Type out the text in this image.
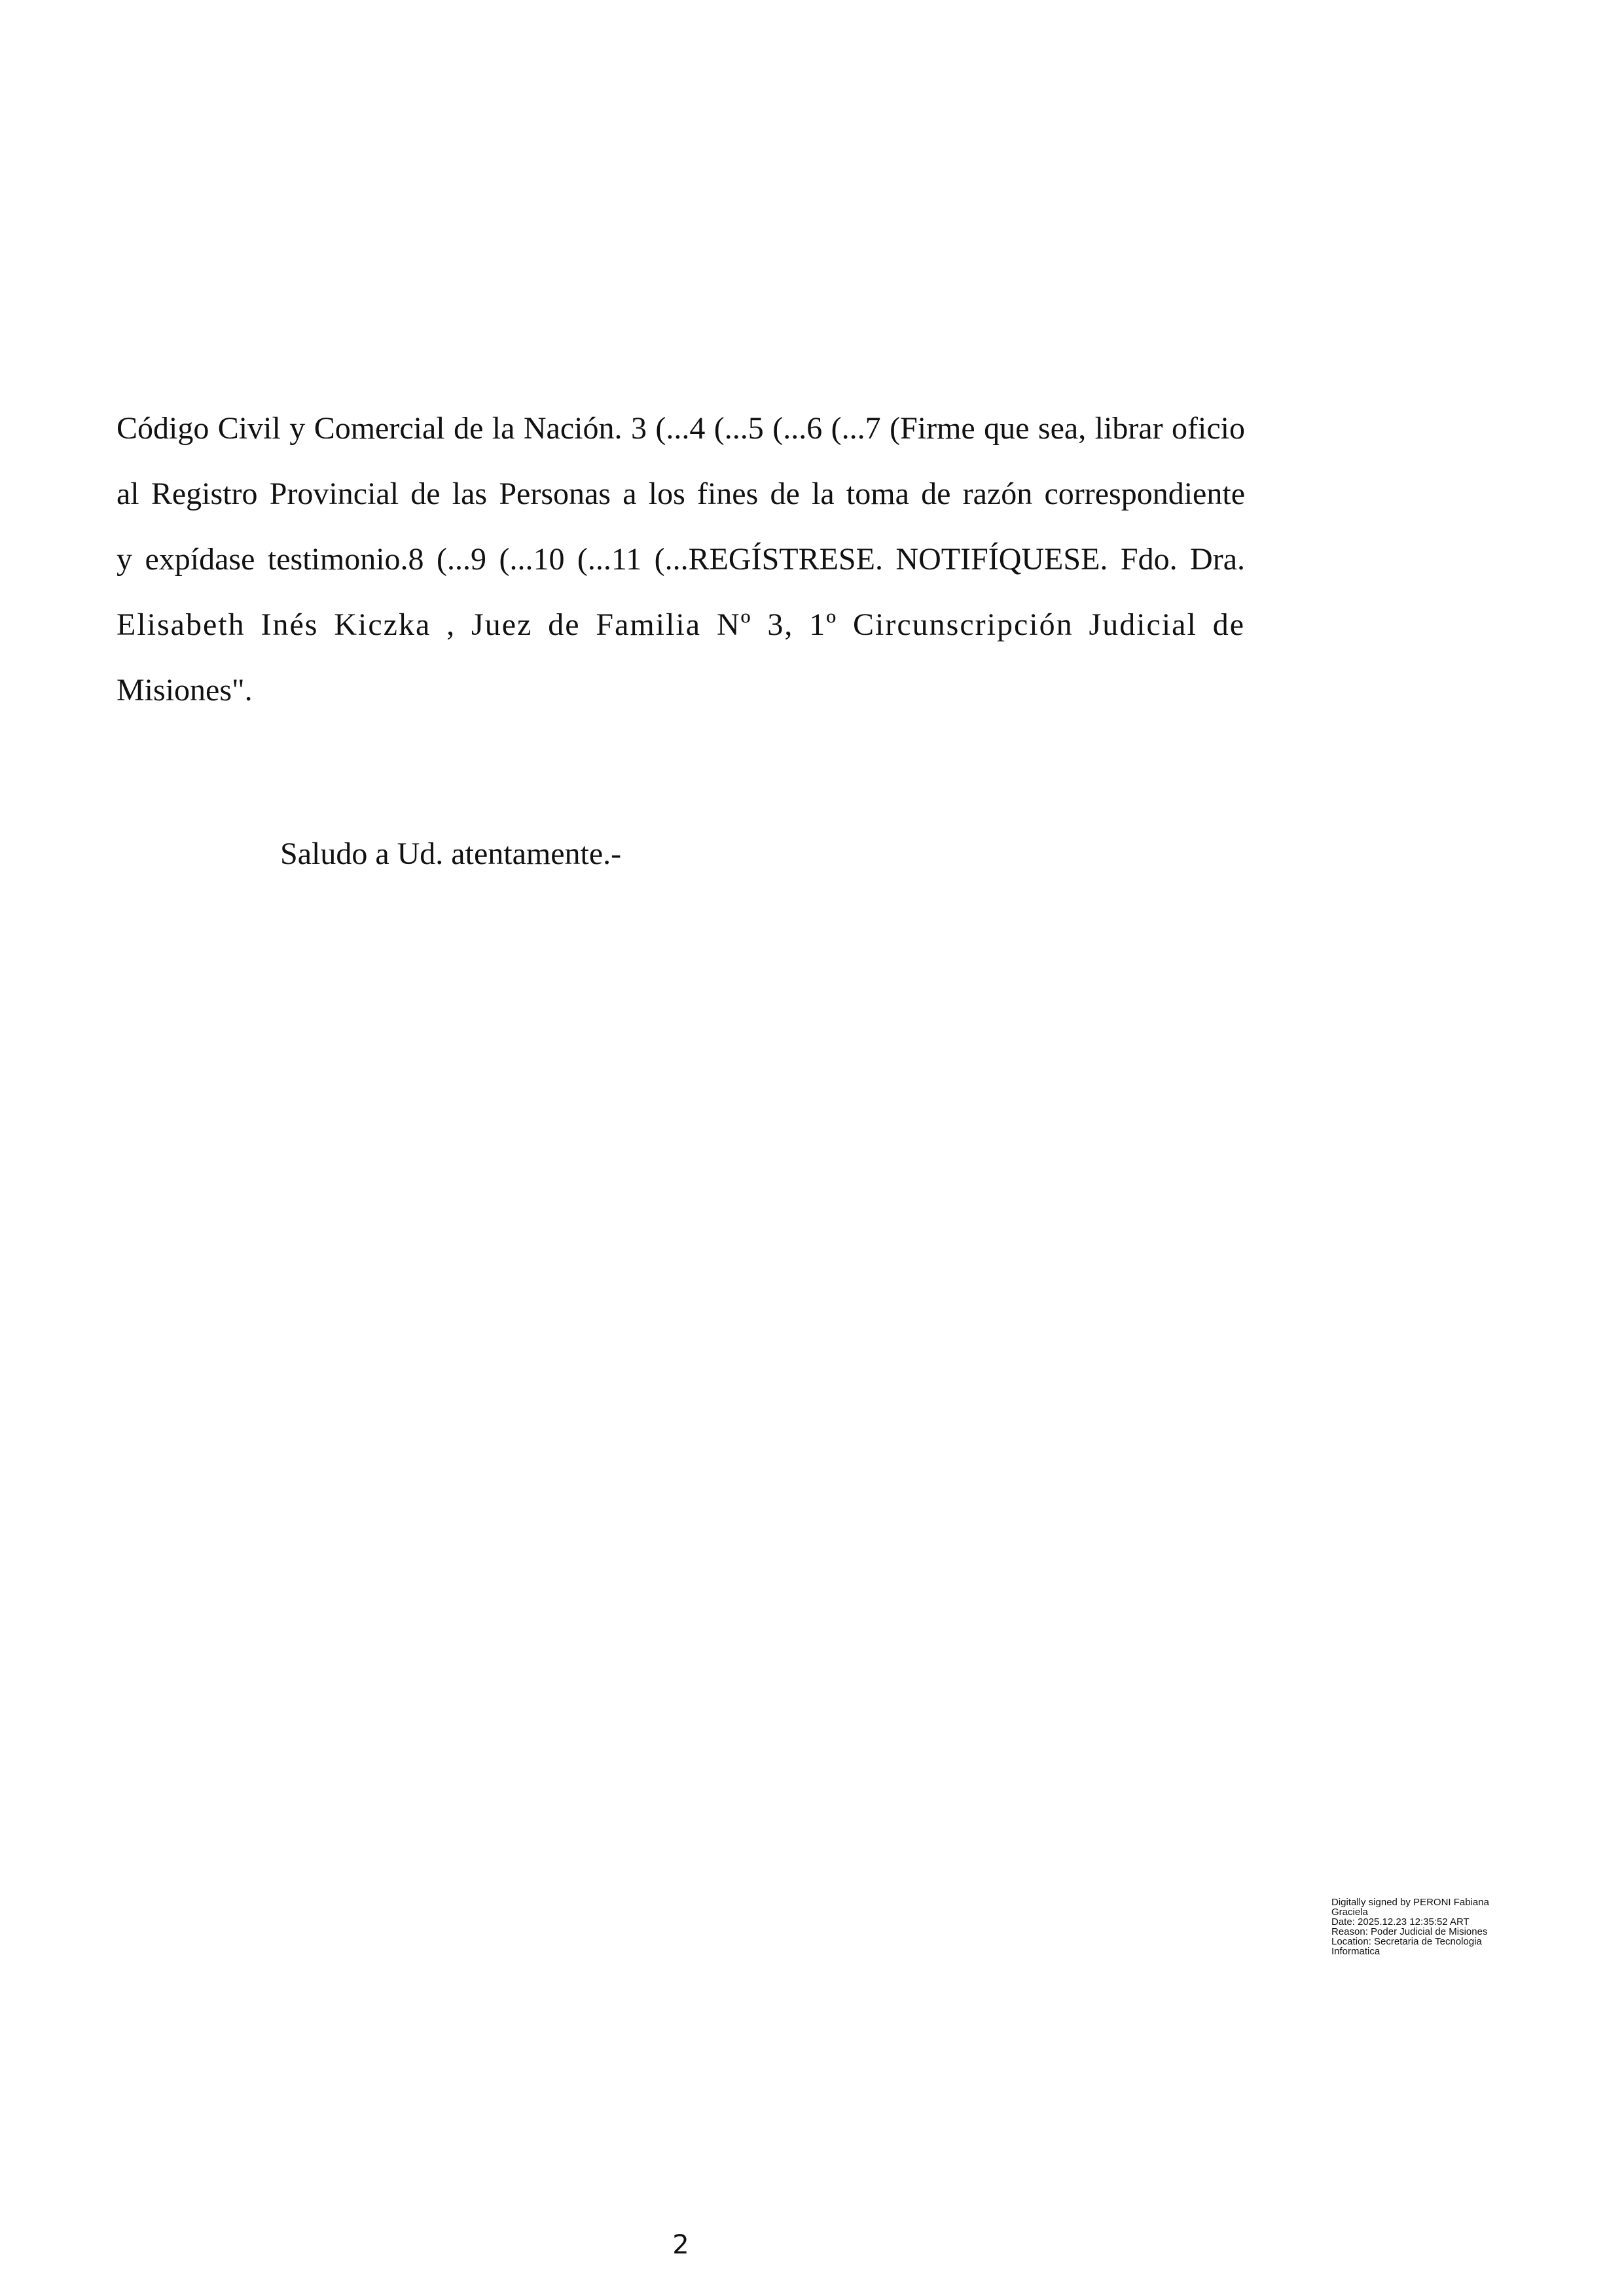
Código Civil y Comercial de la Nación. 3 (...4 (...5 (...6 (...7 (Firme que sea, librar oficio
al Registro Provincial de las Personas a los fines de la toma de razón correspondiente
y expídase testimonio.8 (...9 (...10 (...11 (...REGÍSTRESE. NOTIFÍQUESE. Fdo. Dra.
Elisabeth Inés Kiczka , Juez de Familia Nº 3, 1º Circunscripción Judicial de
Misiones".
Saludo a Ud. atentamente.-
Digitally signed by PERONI Fabiana
Graciela
Date: 2025.12.23 12:35:52 ART
Reason: Poder Judicial de Misiones
Location: Secretaria de Tecnologia
Informatica
2
